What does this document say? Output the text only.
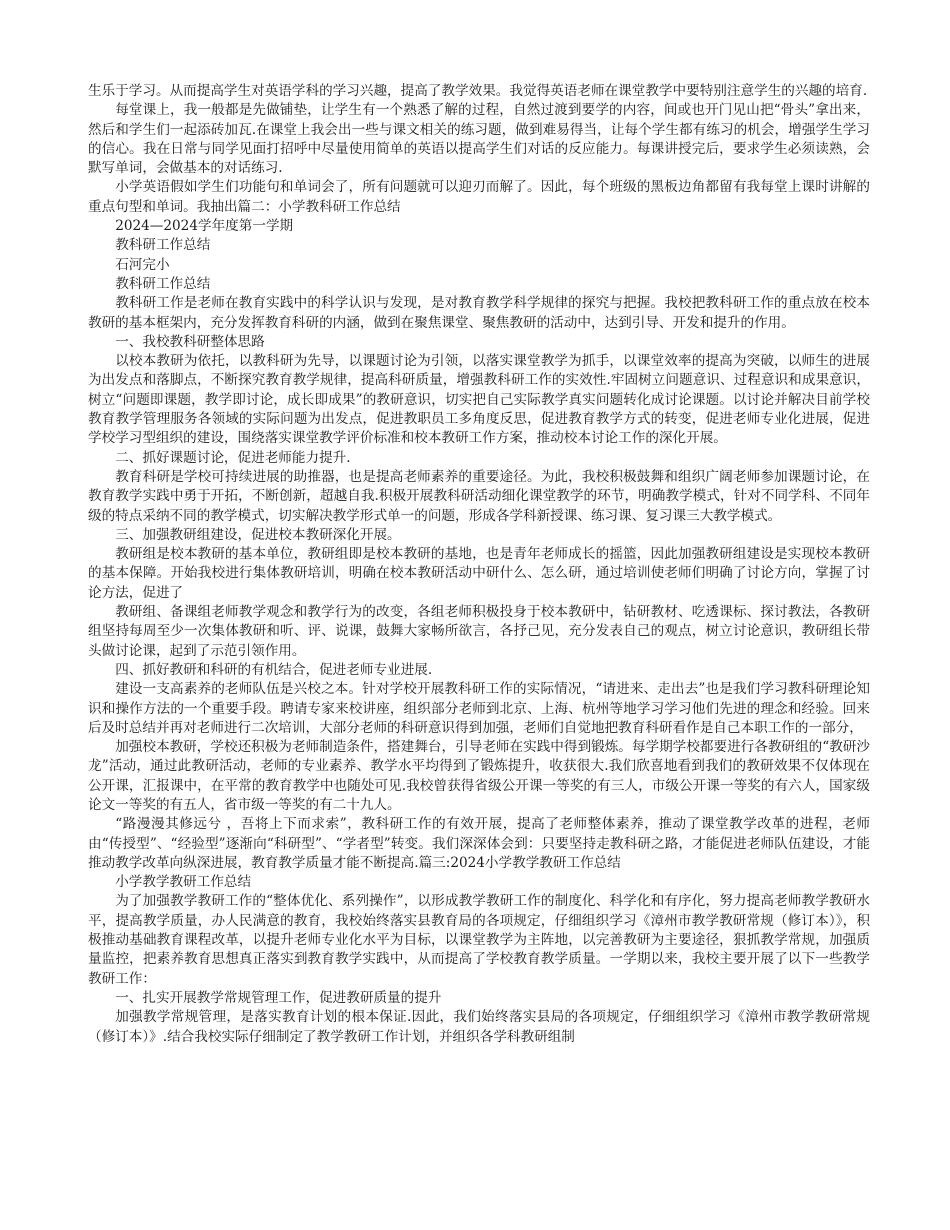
生乐于学习。从而提高学生对英语学科的学习兴趣，提高了教学效果。我觉得英语老师在课堂教学中要特别注意学生的兴趣的培育.

每堂课上，我一般都是先做铺垫，让学生有一个熟悉了解的过程，自然过渡到要学的内容，间或也开门见山把“骨头”拿出来，然后和学生们一起添砖加瓦.在课堂上我会出一些与课文相关的练习题，做到难易得当，让每个学生都有练习的机会，增强学生学习的信心。我在日常与同学见面打招呼中尽量使用简单的英语以提高学生们对话的反应能力。每课讲授完后，要求学生必须读熟，会默写单词，会做基本的对话练习.

小学英语假如学生们功能句和单词会了，所有问题就可以迎刃而解了。因此，每个班级的黑板边角都留有我每堂上课时讲解的重点句型和单词。我抽出篇二：小学教科研工作总结

2024—2024学年度第一学期

教科研工作总结

石河完小

教科研工作总结

教科研工作是老师在教育实践中的科学认识与发现，是对教育教学科学规律的探究与把握。我校把教科研工作的重点放在校本教研的基本框架内，充分发挥教育科研的内涵，做到在聚焦课堂、聚焦教研的活动中，达到引导、开发和提升的作用。

一、我校教科研整体思路

以校本教研为依托，以教科研为先导，以课题讨论为引领，以落实课堂教学为抓手，以课堂效率的提高为突破，以师生的进展为出发点和落脚点，不断探究教育教学规律，提高科研质量，增强教科研工作的实效性.牢固树立问题意识、过程意识和成果意识，树立“问题即课题，教学即讨论，成长即成果”的教研意识，切实把自己实际教学真实问题转化成讨论课题。以讨论并解决目前学校教育教学管理服务各领域的实际问题为出发点，促进教职员工多角度反思，促进教育教学方式的转变，促进老师专业化进展，促进学校学习型组织的建设，围绕落实课堂教学评价标准和校本教研工作方案，推动校本讨论工作的深化开展。

二、抓好课题讨论，促进老师能力提升.

教育科研是学校可持续进展的助推器，也是提高老师素养的重要途径。为此，我校积极鼓舞和组织广阔老师参加课题讨论，在教育教学实践中勇于开拓，不断创新，超越自我.积极开展教科研活动细化课堂教学的环节，明确教学模式，针对不同学科、不同年级的特点采纳不同的教学模式，切实解决教学形式单一的问题，形成各学科新授课、练习课、复习课三大教学模式。

三、加强教研组建设，促进校本教研深化开展。

教研组是校本教研的基本单位，教研组即是校本教研的基地，也是青年老师成长的摇篮，因此加强教研组建设是实现校本教研的基本保障。开始我校进行集体教研培训，明确在校本教研活动中研什么、怎么研，通过培训使老师们明确了讨论方向，掌握了讨论方法，促进了

教研组、备课组老师教学观念和教学行为的改变，各组老师积极投身于校本教研中，钻研教材、吃透课标、探讨教法，各教研组坚持每周至少一次集体教研和听、评、说课，鼓舞大家畅所欲言，各抒己见，充分发表自己的观点，树立讨论意识，教研组长带头做讨论课，起到了示范引领作用。

四、抓好教研和科研的有机结合，促进老师专业进展.

建设一支高素养的老师队伍是兴校之本。针对学校开展教科研工作的实际情况，“请进来、走出去”也是我们学习教科研理论知识和操作方法的一个重要手段。聘请专家来校讲座，组织部分老师到北京、上海、杭州等地学习学习他们先进的理念和经验。回来后及时总结并再对老师进行二次培训，大部分老师的科研意识得到加强，老师们自觉地把教育科研看作是自己本职工作的一部分，

加强校本教研，学校还积极为老师制造条件，搭建舞台，引导老师在实践中得到锻炼。每学期学校都要进行各教研组的“教研沙龙”活动，通过此教研活动，老师的专业素养、教学水平均得到了锻炼提升，收获很大.我们欣喜地看到我们的教研效果不仅体现在公开课，汇报课中，在平常的教育教学中也随处可见.我校曾获得省级公开课一等奖的有三人，市级公开课一等奖的有六人，国家级论文一等奖的有五人，省市级一等奖的有二十九人。

“路漫漫其修远兮 ，吾将上下而求索”，教科研工作的有效开展，提高了老师整体素养，推动了课堂教学改革的进程，老师由“传授型”、“经验型”逐渐向“科研型”、“学者型”转变。我们深深体会到：只要坚持走教科研之路，才能促进老师队伍建设，才能推动教学改革向纵深进展，教育教学质量才能不断提高.篇三:2024小学教学教研工作总结

小学教学教研工作总结

为了加强教学教研工作的“整体优化、系列操作”，以形成教学教研工作的制度化、科学化和有序化，努力提高老师教学教研水平，提高教学质量，办人民满意的教育，我校始终落实县教育局的各项规定，仔细组织学习《漳州市教学教研常规（修订本）》，积极推动基础教育课程改革，以提升老师专业化水平为目标，以课堂教学为主阵地，以完善教研为主要途径，狠抓教学常规，加强质量监控，把素养教育思想真正落实到教育教学实践中，从而提高了学校教育教学质量。一学期以来，我校主要开展了以下一些教学教研工作：

一、扎实开展教学常规管理工作，促进教研质量的提升

加强教学常规管理，是落实教育计划的根本保证.因此，我们始终落实县局的各项规定，仔细组织学习《漳州市教学教研常规（修订本）》.结合我校实际仔细制定了教学教研工作计划，并组织各学科教研组制
